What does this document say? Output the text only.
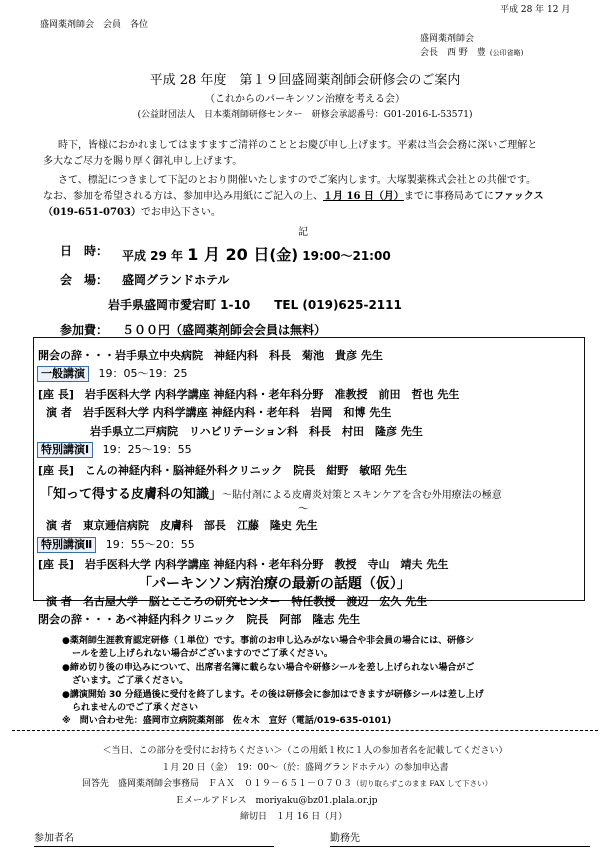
平成 28 年 12 月
盛岡薬剤師会　会員　各位
盛岡薬剤師会
会長　西 野　豊 (公印省略)
平成 28 年度　第１９回盛岡薬剤師会研修会のご案内
（これからのパーキンソン治療を考える会）
(公益財団法人　日本薬剤師研修センター　研修会承認番号：G01-2016-L-53571)
時下，皆様におかれましてはますますご清祥のこととお慶び申し上げます。平素は当会会務に深いご理解と
多大なご尽力を賜り厚く御礼申し上げます。
さて、標記につきまして下記のとおり開催いたしますのでご案内します。大塚製薬株式会社との共催です。
なお、参加を希望される方は、参加申込み用紙にご記入の上、１月 16 日（月）までに事務局あてにファックス
（019-651-0703）でお申込下さい。
記
日　時： 平成 29 年 1 月 20 日(金) 19:00～21:00
会　場： 盛岡グランドホテル
岩手県盛岡市愛宕町 1-10　　TEL (019)625-2111
参加費： ５００円（盛岡薬剤師会会員は無料）
開会の辞・・・岩手県立中央病院　神経内科　科長　菊池　貴彦 先生
一般講演 19：05～19：25
[座 長]　岩手医科大学 内科学講座 神経内科・老年科分野　准教授　前田　哲也 先生
演 者　岩手医科大学 内科学講座 神経内科・老年科　岩岡　和博 先生
岩手県立二戸病院　リハビリテーション科　科長　村田　隆彦 先生
特別講演Ⅰ 19：25～19：55
[座 長]　こんの神経内科・脳神経外科クリニック　院長　紺野　敏昭 先生
「知って得する皮膚科の知識」～貼付剤による皮膚炎対策とスキンケアを含む外用療法の極意
～
演 者　東京逓信病院　皮膚科　部長　江藤　隆史 先生
特別講演Ⅱ 19：55～20：55
[座 長]　岩手医科大学 内科学講座 神経内科・老年科分野　教授　寺山　靖夫 先生
「パーキンソン病治療の最新の話題（仮）」
演 者　名古屋大学　脳とこころの研究センター　特任教授　渡辺　宏久 先生
閉会の辞・・・あべ神経内科クリニック　院長　阿部　隆志 先生
●薬剤師生涯教育認定研修（１単位）です。事前のお申し込みがない場合や非会員の場合には、研修シ
ールを差し上げられない場合がございますのでご了承ください。
●締め切り後の申込みについて、出席者名簿に載らない場合や研修シールを差し上げられない場合がご
ざいます。ご了承ください。
●講演開始 30 分経過後に受付を終了します。その後は研修会に参加はできますが研修シールは差し上げ
られませんのでご了承ください
※　問い合わせ先：盛岡市立病院薬剤部　佐々木　宣好（電話/019-635-0101)
＜当日、この部分を受付にお持ちください＞（この用紙１枚に１人の参加者名を記載してください）
１月 20 日（金）　19：00～（於：盛岡グランドホテル）の参加申込書
回答先　盛岡薬剤師会事務局　ＦＡＸ　０１９－６５１－０７０３（切り取らずこのまま FAX して下さい）
Ｅメールアドレス　moriyaku@bz01.plala.or.jp
締切日　１月 16 日（月）
参加者名	勤務先
